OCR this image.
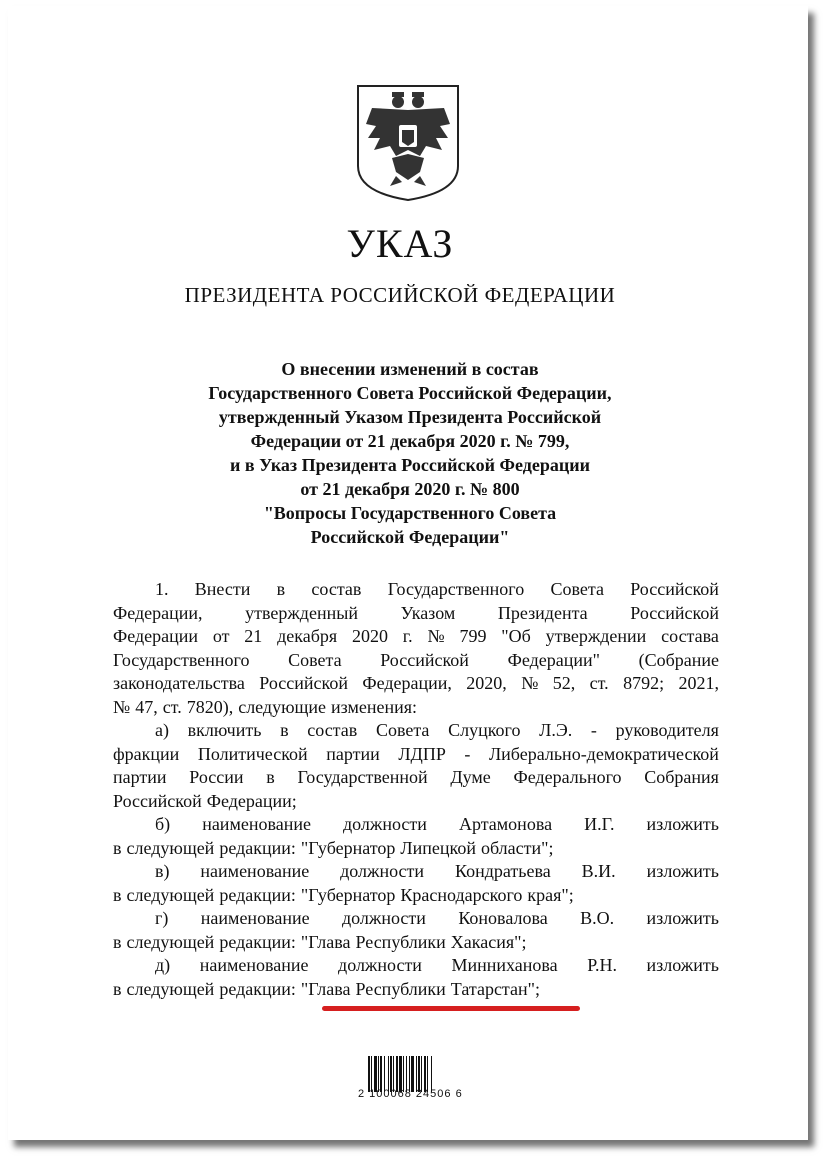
УКАЗ
ПРЕЗИДЕНТА РОССИЙСКОЙ ФЕДЕРАЦИИ
О внесении изменений в состав
Государственного Совета Российской Федерации,
утвержденный Указом Президента Российской
Федерации от 21 декабря 2020 г. № 799,
и в Указ Президента Российской Федерации
от 21 декабря 2020 г. № 800
"Вопросы Государственного Совета
Российской Федерации"
1. Внести в состав Государственного Совета Российской
Федерации, утвержденный Указом Президента Российской
Федерации от 21 декабря 2020 г. № 799 "Об утверждении состава
Государственного Совета Российской Федерации" (Собрание
законодательства Российской Федерации, 2020, № 52, ст. 8792; 2021,
№ 47, ст. 7820), следующие изменения:
а) включить в состав Совета Слуцкого Л.Э. - руководителя
фракции Политической партии ЛДПР - Либерально-демократической
партии России в Государственной Думе Федерального Собрания
Российской Федерации;
б) наименование должности Артамонова И.Г. изложить
в следующей редакции: "Губернатор Липецкой области";
в) наименование должности Кондратьева В.И. изложить
в следующей редакции: "Губернатор Краснодарского края";
г) наименование должности Коновалова В.О. изложить
в следующей редакции: "Глава Республики Хакасия";
д) наименование должности Минниханова Р.Н. изложить
в следующей редакции: "Глава Республики Татарстан";
2 100068 24506 6
